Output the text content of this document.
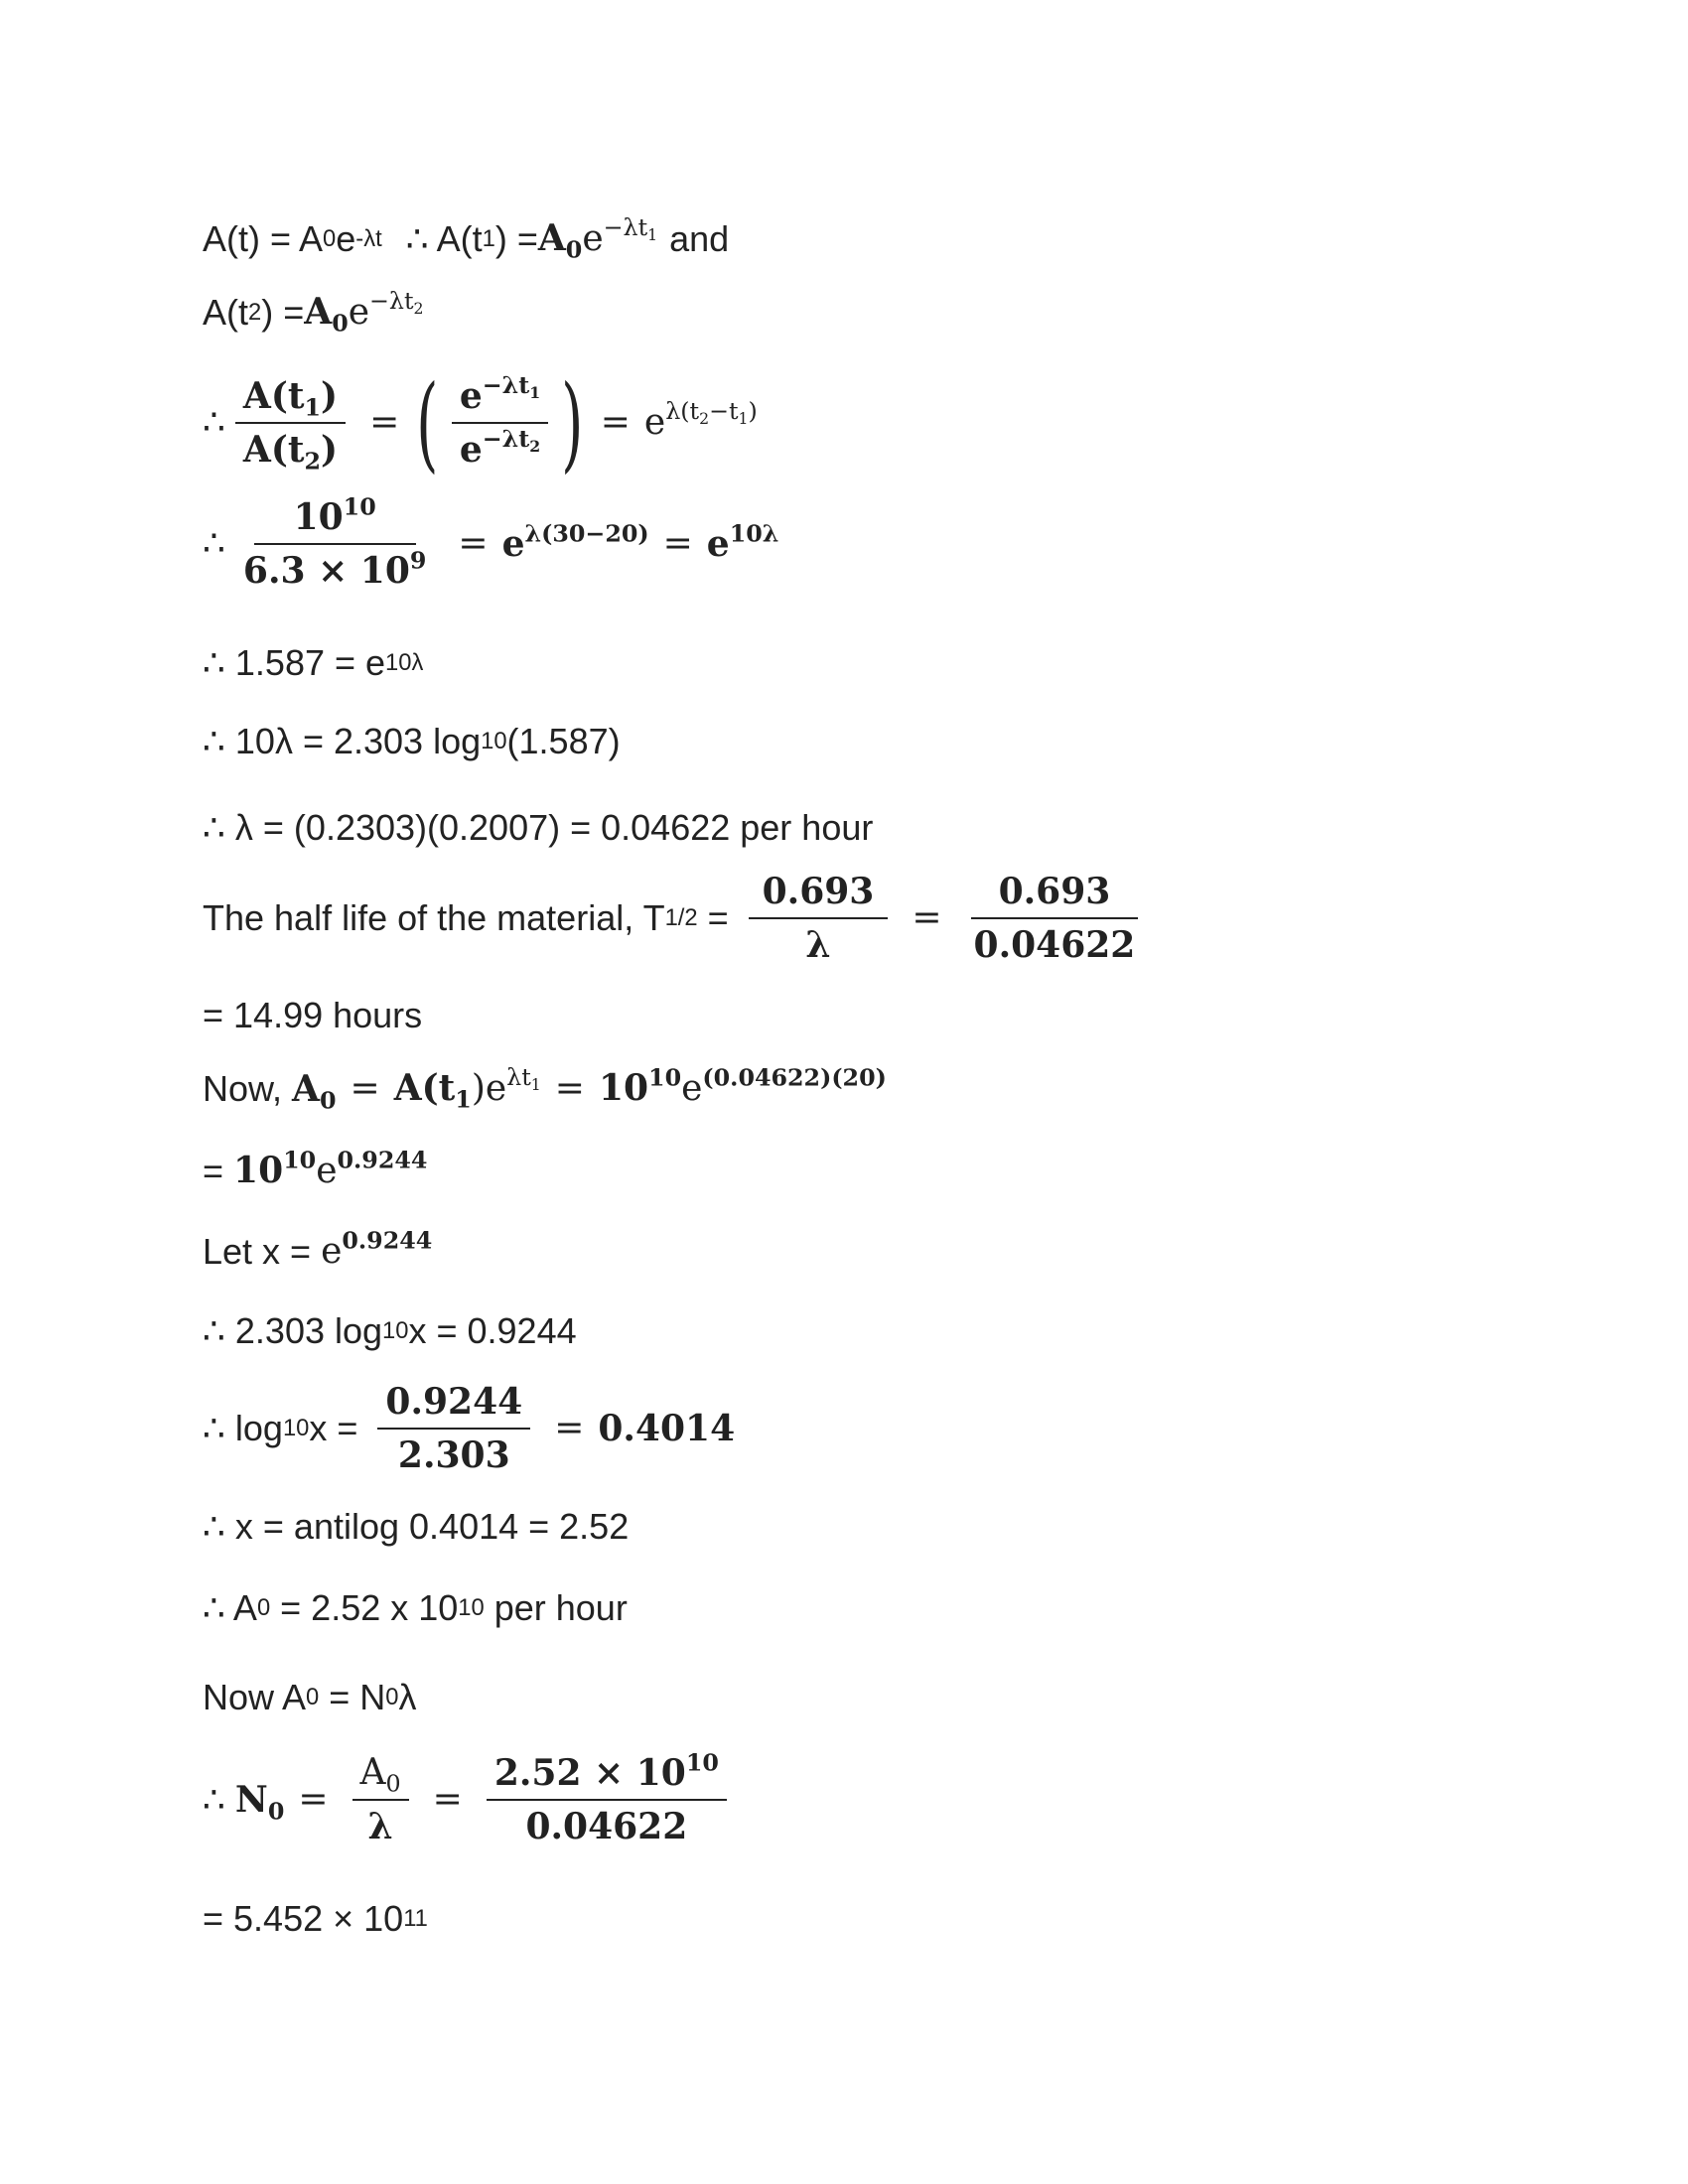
A(t) = A 0 e -λt ∴ A(t 1 ) = $A_0e^{-\lambda t_1}$ and
A(t 2 ) = $A_0e^{-\lambda t_2}$
∴ $\frac{A(t_1)}{A(t_2)}$ = ( $\frac{e^{-\lambda t_1}}{e^{-\lambda t_2}}$ ) = $e^{\lambda(t_2-t_1)}$
∴ $\frac{10^{10}}{6.3 \times 10^9} = e^{\lambda(30-20)} = e^{10\lambda}$
∴ 1.587 = e 10λ
∴ 10λ = 2.303 log 10 (1.587)
∴ λ = (0.2303)(0.2007) = 0.04622 per hour
The half life of the material, T $1/2 = \frac{0.693}{\lambda} = \frac{0.693}{0.04622}$
= 14.99 hours
Now, $A_0 = A(t_1)e^{\lambda t_1} = 10^{10}e^{(0.04622)(20)}$
= $10^{10}e^{0.9244}$
Let $x = e^{0.9244}$
∴ 2.303 log 10 x = 0.9244
∴ log 10 $x = \frac{0.9244}{2.303} = 0.4014$
∴ x = antilog 0.4014 = 2.52
∴ A 0 = 2.52 x 10 10 per hour
Now A 0 = N 0 λ
∴ $N_0 = \frac{A_0}{\lambda} = \frac{2.52 \times 10^{10}}{0.04622}$
= 5.452 × 10 11
